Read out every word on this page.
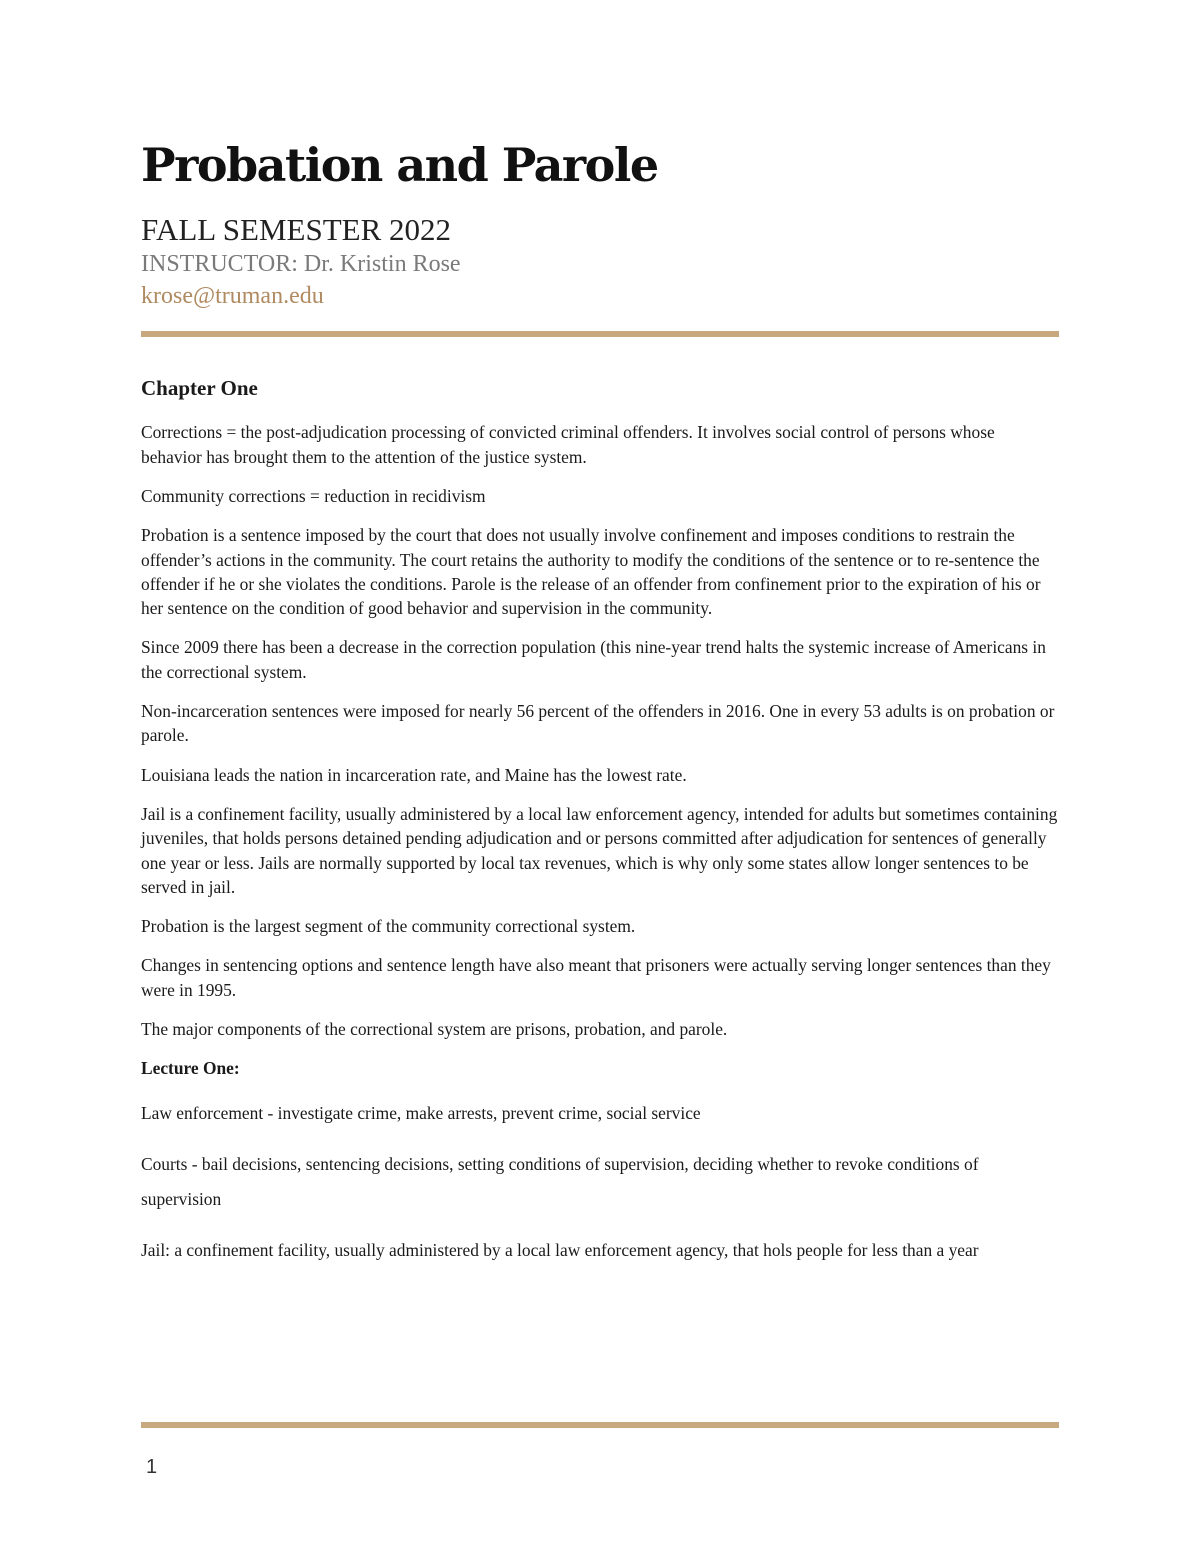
Probation and Parole
FALL SEMESTER 2022
INSTRUCTOR: Dr. Kristin Rose
krose@truman.edu
Chapter One

Corrections = the post-adjudication processing of convicted criminal offenders. It involves social control of persons whose behavior has brought them to the attention of the justice system.

Community corrections = reduction in recidivism

Probation is a sentence imposed by the court that does not usually involve confinement and imposes conditions to restrain the offender’s actions in the community. The court retains the authority to modify the conditions of the sentence or to re-sentence the offender if he or she violates the conditions. Parole is the release of an offender from confinement prior to the expiration of his or her sentence on the condition of good behavior and supervision in the community.

Since 2009 there has been a decrease in the correction population (this nine-year trend halts the systemic increase of Americans in the correctional system.

Non-incarceration sentences were imposed for nearly 56 percent of the offenders in 2016. One in every 53 adults is on probation or parole.

Louisiana leads the nation in incarceration rate, and Maine has the lowest rate.

Jail is a confinement facility, usually administered by a local law enforcement agency, intended for adults but sometimes containing juveniles, that holds persons detained pending adjudication and or persons committed after adjudication for sentences of generally one year or less. Jails are normally supported by local tax revenues, which is why only some states allow longer sentences to be served in jail.

Probation is the largest segment of the community correctional system.

Changes in sentencing options and sentence length have also meant that prisoners were actually serving longer sentences than they were in 1995.

The major components of the correctional system are prisons, probation, and parole.

Lecture One:

Law enforcement - investigate crime, make arrests, prevent crime, social service

Courts - bail decisions, sentencing decisions, setting conditions of supervision, deciding whether to revoke conditions of supervision

Jail: a confinement facility, usually administered by a local law enforcement agency, that hols people for less than a year

1
